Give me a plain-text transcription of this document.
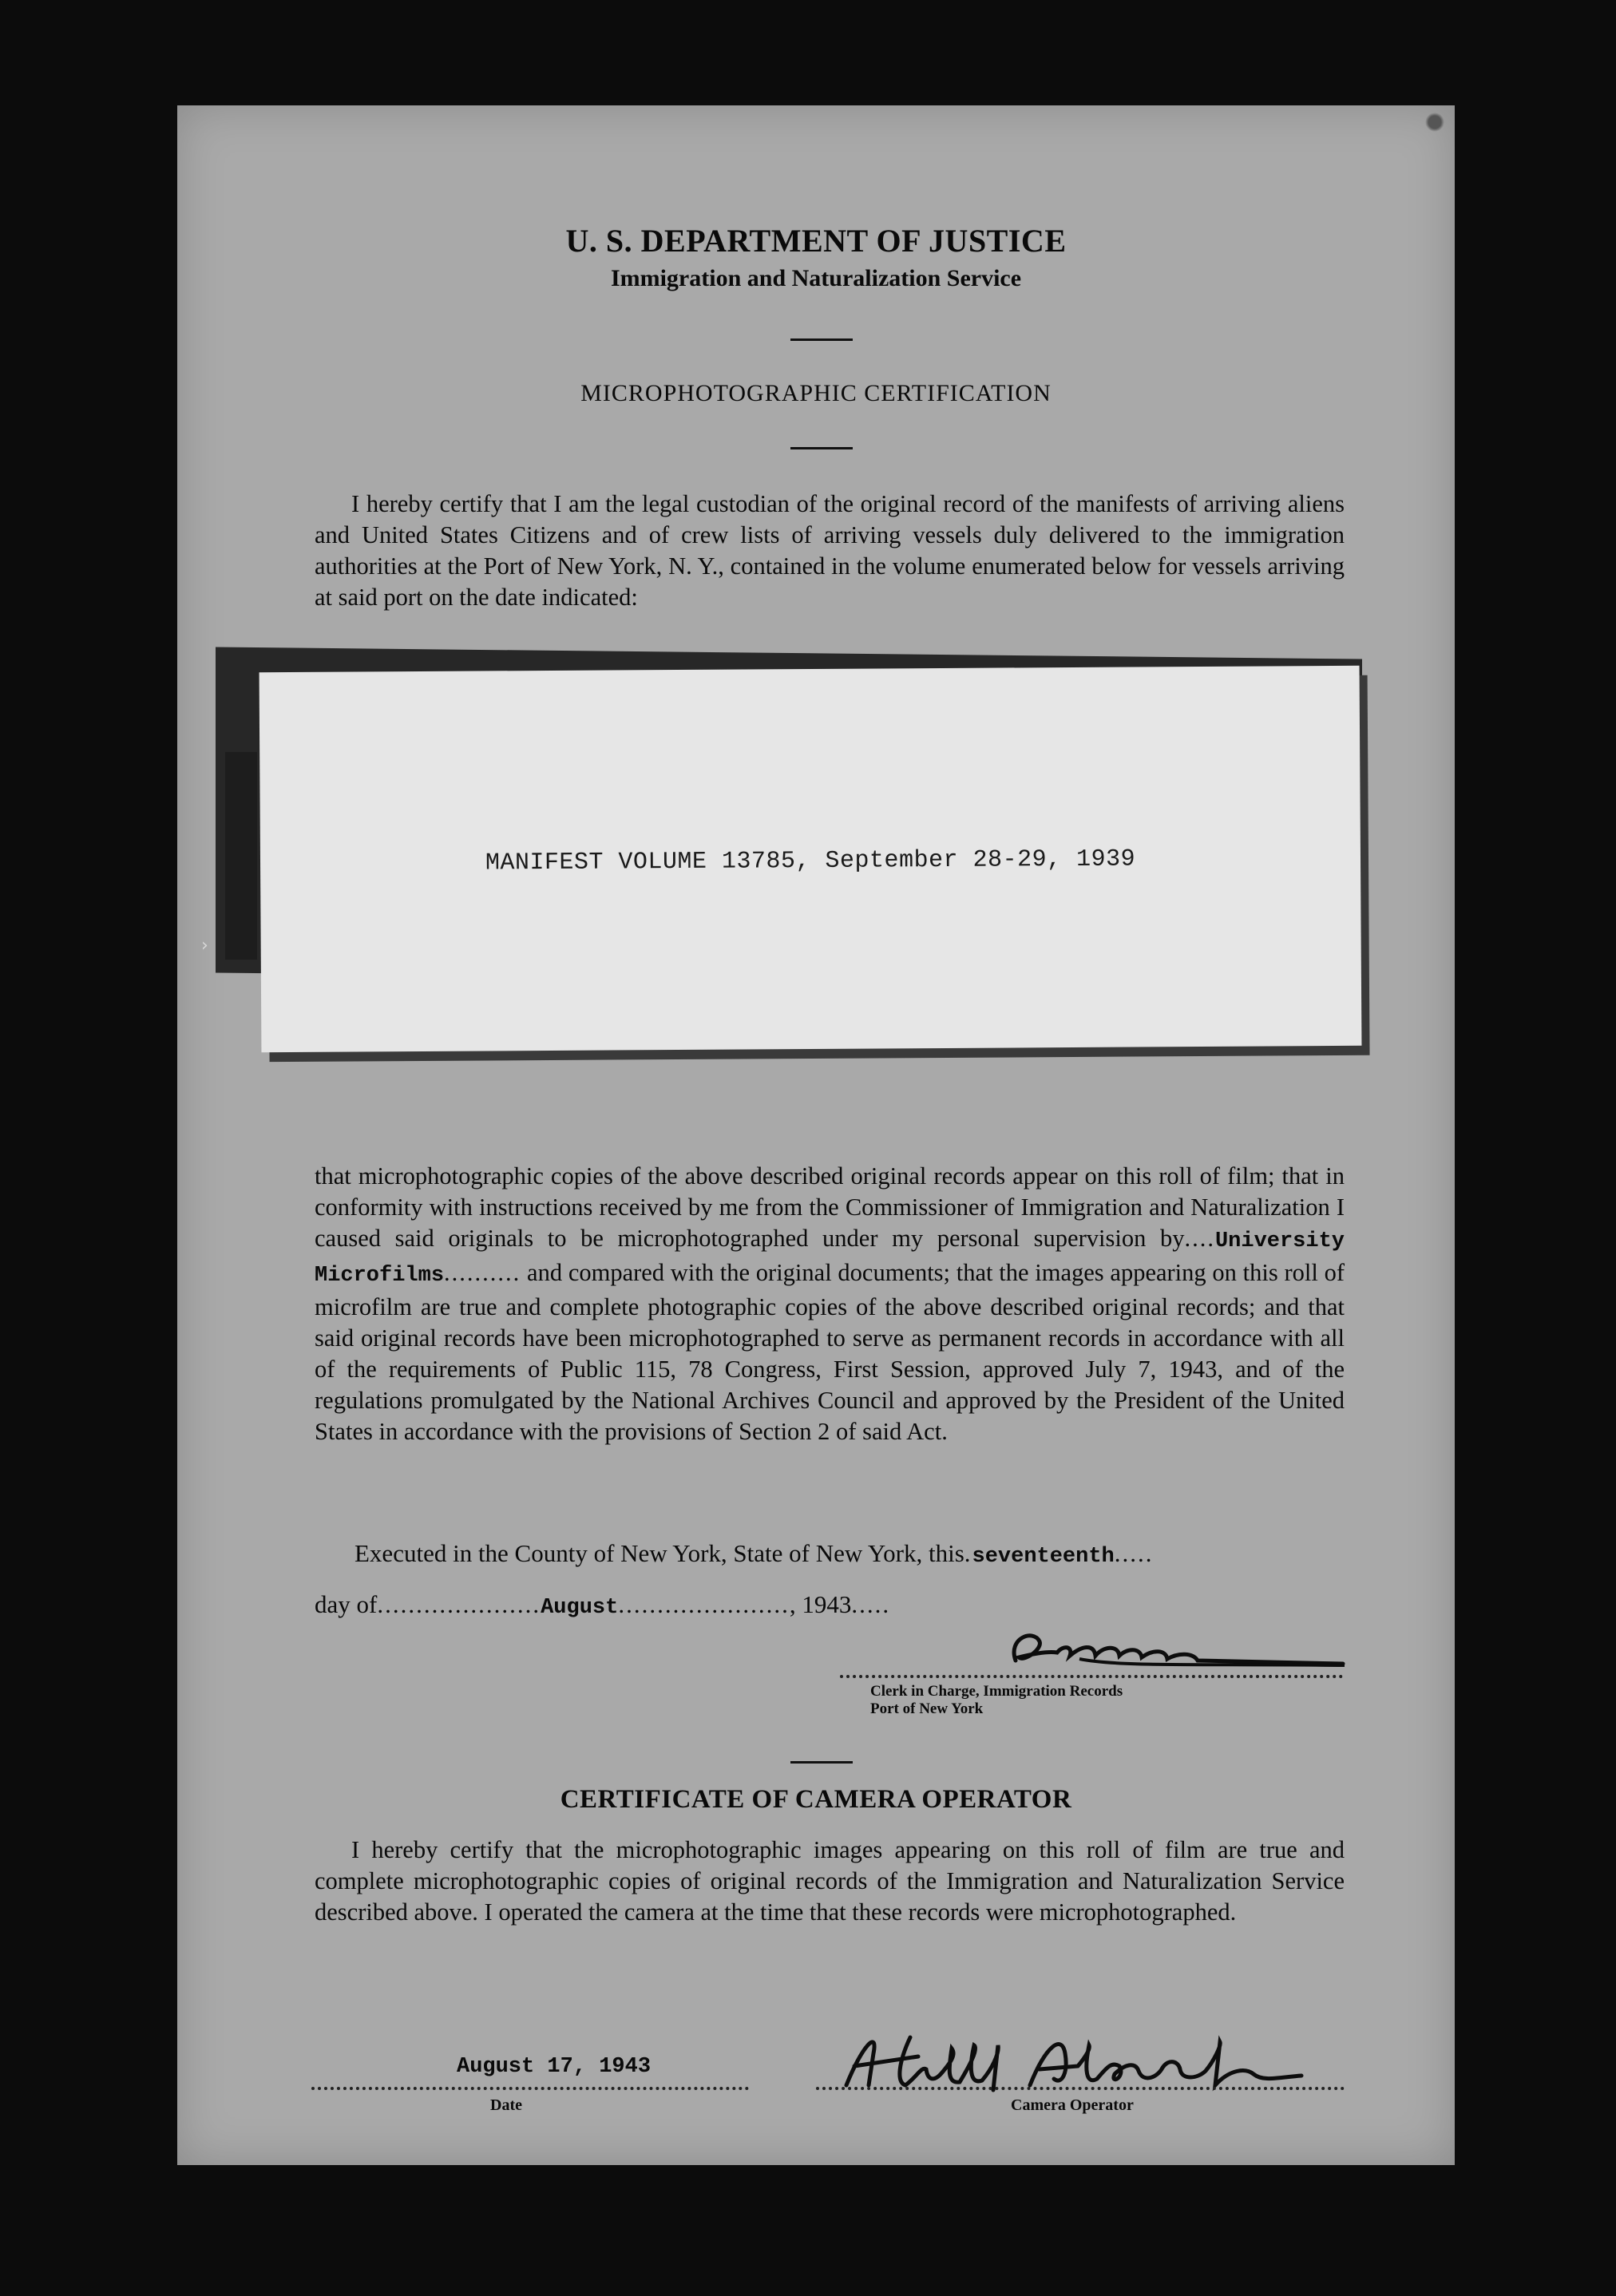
›
U. S. DEPARTMENT OF JUSTICE
Immigration and Naturalization Service
MICROPHOTOGRAPHIC CERTIFICATION
I hereby certify that I am the legal custodian of the original record of the manifests of arriving aliens and United States Citizens and of crew lists of arriving vessels duly delivered to the immigration authorities at the Port of New York, N. Y., contained in the volume enumerated below for vessels arriving at said port on the date indicated:
MANIFEST VOLUME 13785, September 28-29, 1939
that microphotographic copies of the above described original records appear on this roll of film; that in conformity with instructions received by me from the Commissioner of Immigration and Naturalization I caused said originals to be microphotographed under my personal supervision by....University Microfilms.......... and compared with the original documents; that the images appearing on this roll of microfilm are true and complete photographic copies of the above described original records; and that said original records have been microphotographed to serve as permanent records in accordance with all of the requirements of Public 115, 78 Congress, First Session, approved July 7, 1943, and of the regulations promulgated by the National Archives Council and approved by the President of the United States in accordance with the provisions of Section 2 of said Act.
Executed in the County of New York, State of New York, this.seventeenth.....
day of.....................August......................, 1943.....
Clerk in Charge, Immigration Records
Port of New York
CERTIFICATE OF CAMERA OPERATOR
I hereby certify that the microphotographic images appearing on this roll of film are true and complete microphotographic copies of original records of the Immigration and Naturalization Service described above. I operated the camera at the time that these records were microphotographed.
August 17, 1943
Date	Camera Operator
